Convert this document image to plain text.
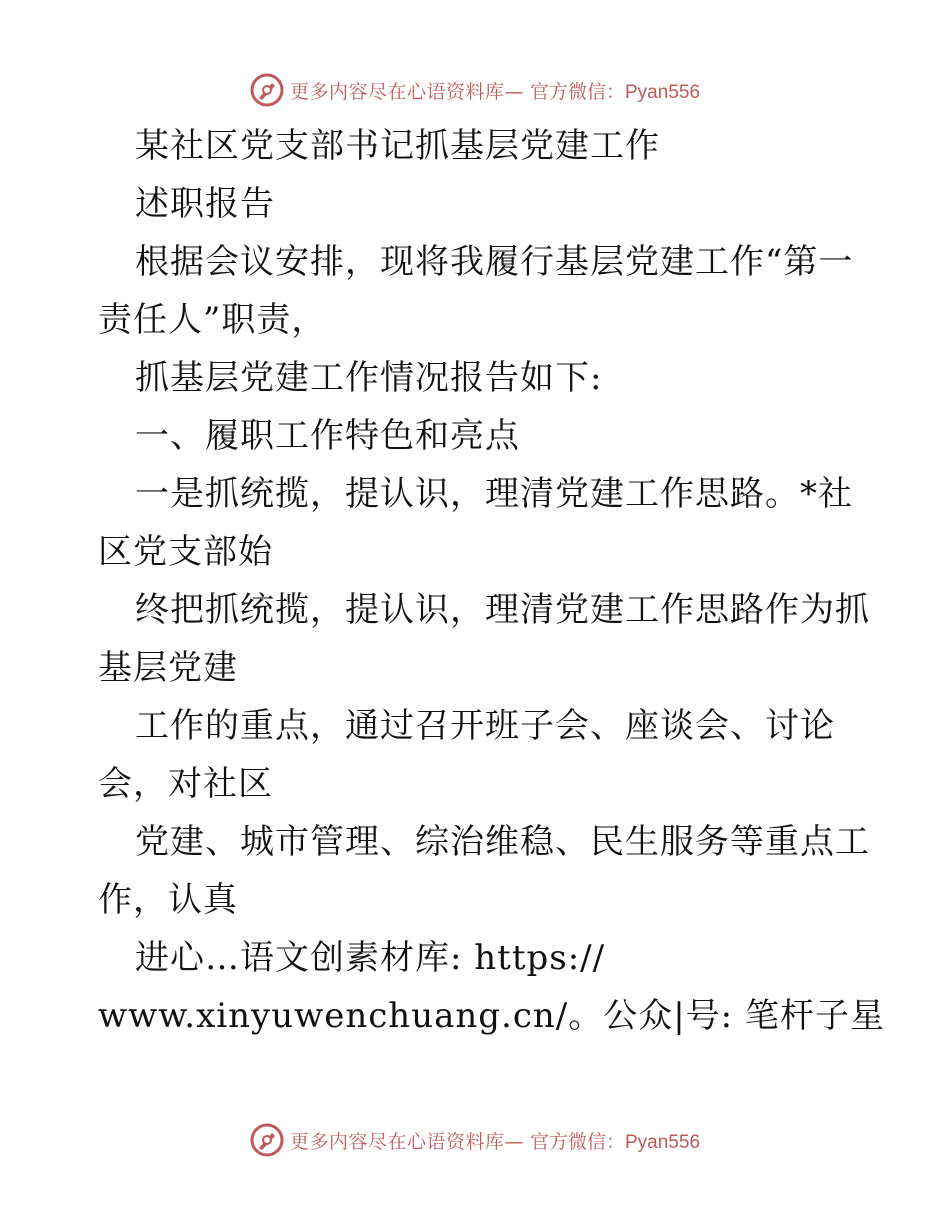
更多内容尽在心语资料库— 官方微信：Pyan556
某社区党支部书记抓基层党建工作
述职报告
根据会议安排，现将我履行基层党建工作“第一
责任人”职责，
抓基层党建工作情况报告如下:
一、履职工作特色和亮点
一是抓统揽，提认识，理清党建工作思路。*社
区党支部始
终把抓统揽，提认识，理清党建工作思路作为抓
基层党建
工作的重点，通过召开班子会、座谈会、讨论
会，对社区
党建、城市管理、综治维稳、民生服务等重点工
作，认真
进心…语文创素材库: https://
www.xinyuwenchuang.cn/。公众|号: 笔杆子星
更多内容尽在心语资料库— 官方微信：Pyan556
